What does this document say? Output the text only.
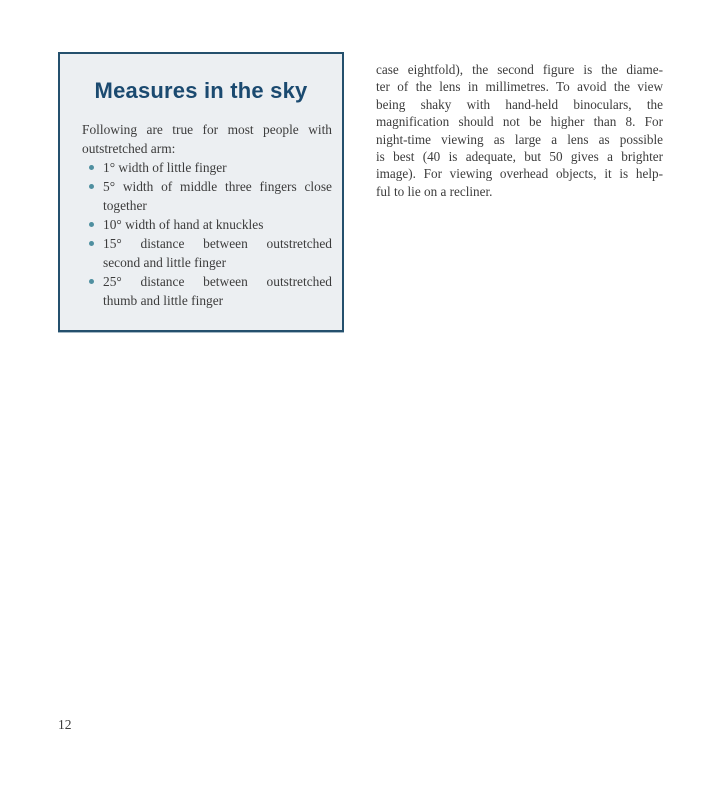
Measures in the sky

Following are true for most people with
outstretched arm:

1° width of little finger
5° width of middle three fingers close
together
10° width of hand at knuckles
15° distance between outstretched
second and little finger
25° distance between outstretched
thumb and little finger
case eightfold), the second figure is the diame-
ter of the lens in millimetres. To avoid the view
being shaky with hand-held binoculars, the
magnification should not be higher than 8. For
night-time viewing as large a lens as possible
is best (40 is adequate, but 50 gives a brighter
image). For viewing overhead objects, it is help-
ful to lie on a recliner.
12
